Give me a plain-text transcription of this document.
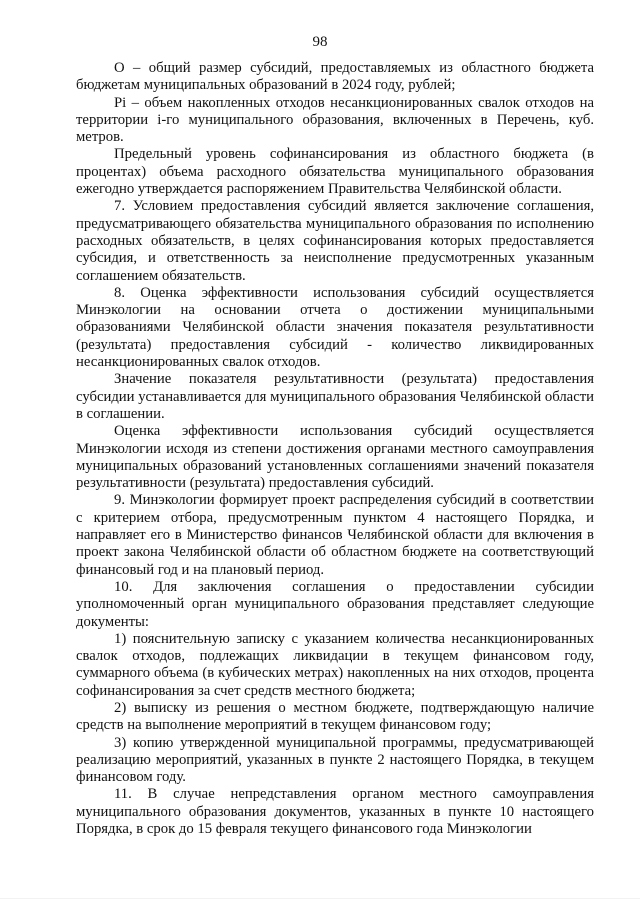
98

О – общий размер субсидий, предоставляемых из областного бюджета бюджетам муниципальных образований в 2024 году, рублей;

Pi – объем накопленных отходов несанкционированных свалок отходов на территории i-го муниципального образования, включенных в Перечень, куб. метров.

Предельный уровень софинансирования из областного бюджета (в процентах) объема расходного обязательства муниципального образования ежегодно утверждается распоряжением Правительства Челябинской области.

7. Условием предоставления субсидий является заключение соглашения, предусматривающего обязательства муниципального образования по исполнению расходных обязательств, в целях софинансирования которых предоставляется субсидия, и ответственность за неисполнение предусмотренных указанным соглашением обязательств.

8. Оценка эффективности использования субсидий осуществляется Минэкологии на основании отчета о достижении муниципальными образованиями Челябинской области значения показателя результативности (результата) предоставления субсидий - количество ликвидированных несанкционированных свалок отходов.

Значение показателя результативности (результата) предоставления субсидии устанавливается для муниципального образования Челябинской области в соглашении.

Оценка эффективности использования субсидий осуществляется Минэкологии исходя из степени достижения органами местного самоуправления муниципальных образований установленных соглашениями значений показателя результативности (результата) предоставления субсидий.

9. Минэкологии формирует проект распределения субсидий в соответствии с критерием отбора, предусмотренным пунктом 4 настоящего Порядка, и направляет его в Министерство финансов Челябинской области для включения в проект закона Челябинской области об областном бюджете на соответствующий финансовый год и на плановый период.

10. Для заключения соглашения о предоставлении субсидии уполномоченный орган муниципального образования представляет следующие документы:

1) пояснительную записку с указанием количества несанкционированных свалок отходов, подлежащих ликвидации в текущем финансовом году, суммарного объема (в кубических метрах) накопленных на них отходов, процента софинансирования за счет средств местного бюджета;

2) выписку из решения о местном бюджете, подтверждающую наличие средств на выполнение мероприятий в текущем финансовом году;

3) копию утвержденной муниципальной программы, предусматривающей реализацию мероприятий, указанных в пункте 2 настоящего Порядка, в текущем финансовом году.

11. В случае непредставления органом местного самоуправления муниципального образования документов, указанных в пункте 10 настоящего Порядка, в срок до 15 февраля текущего финансового года Минэкологии
